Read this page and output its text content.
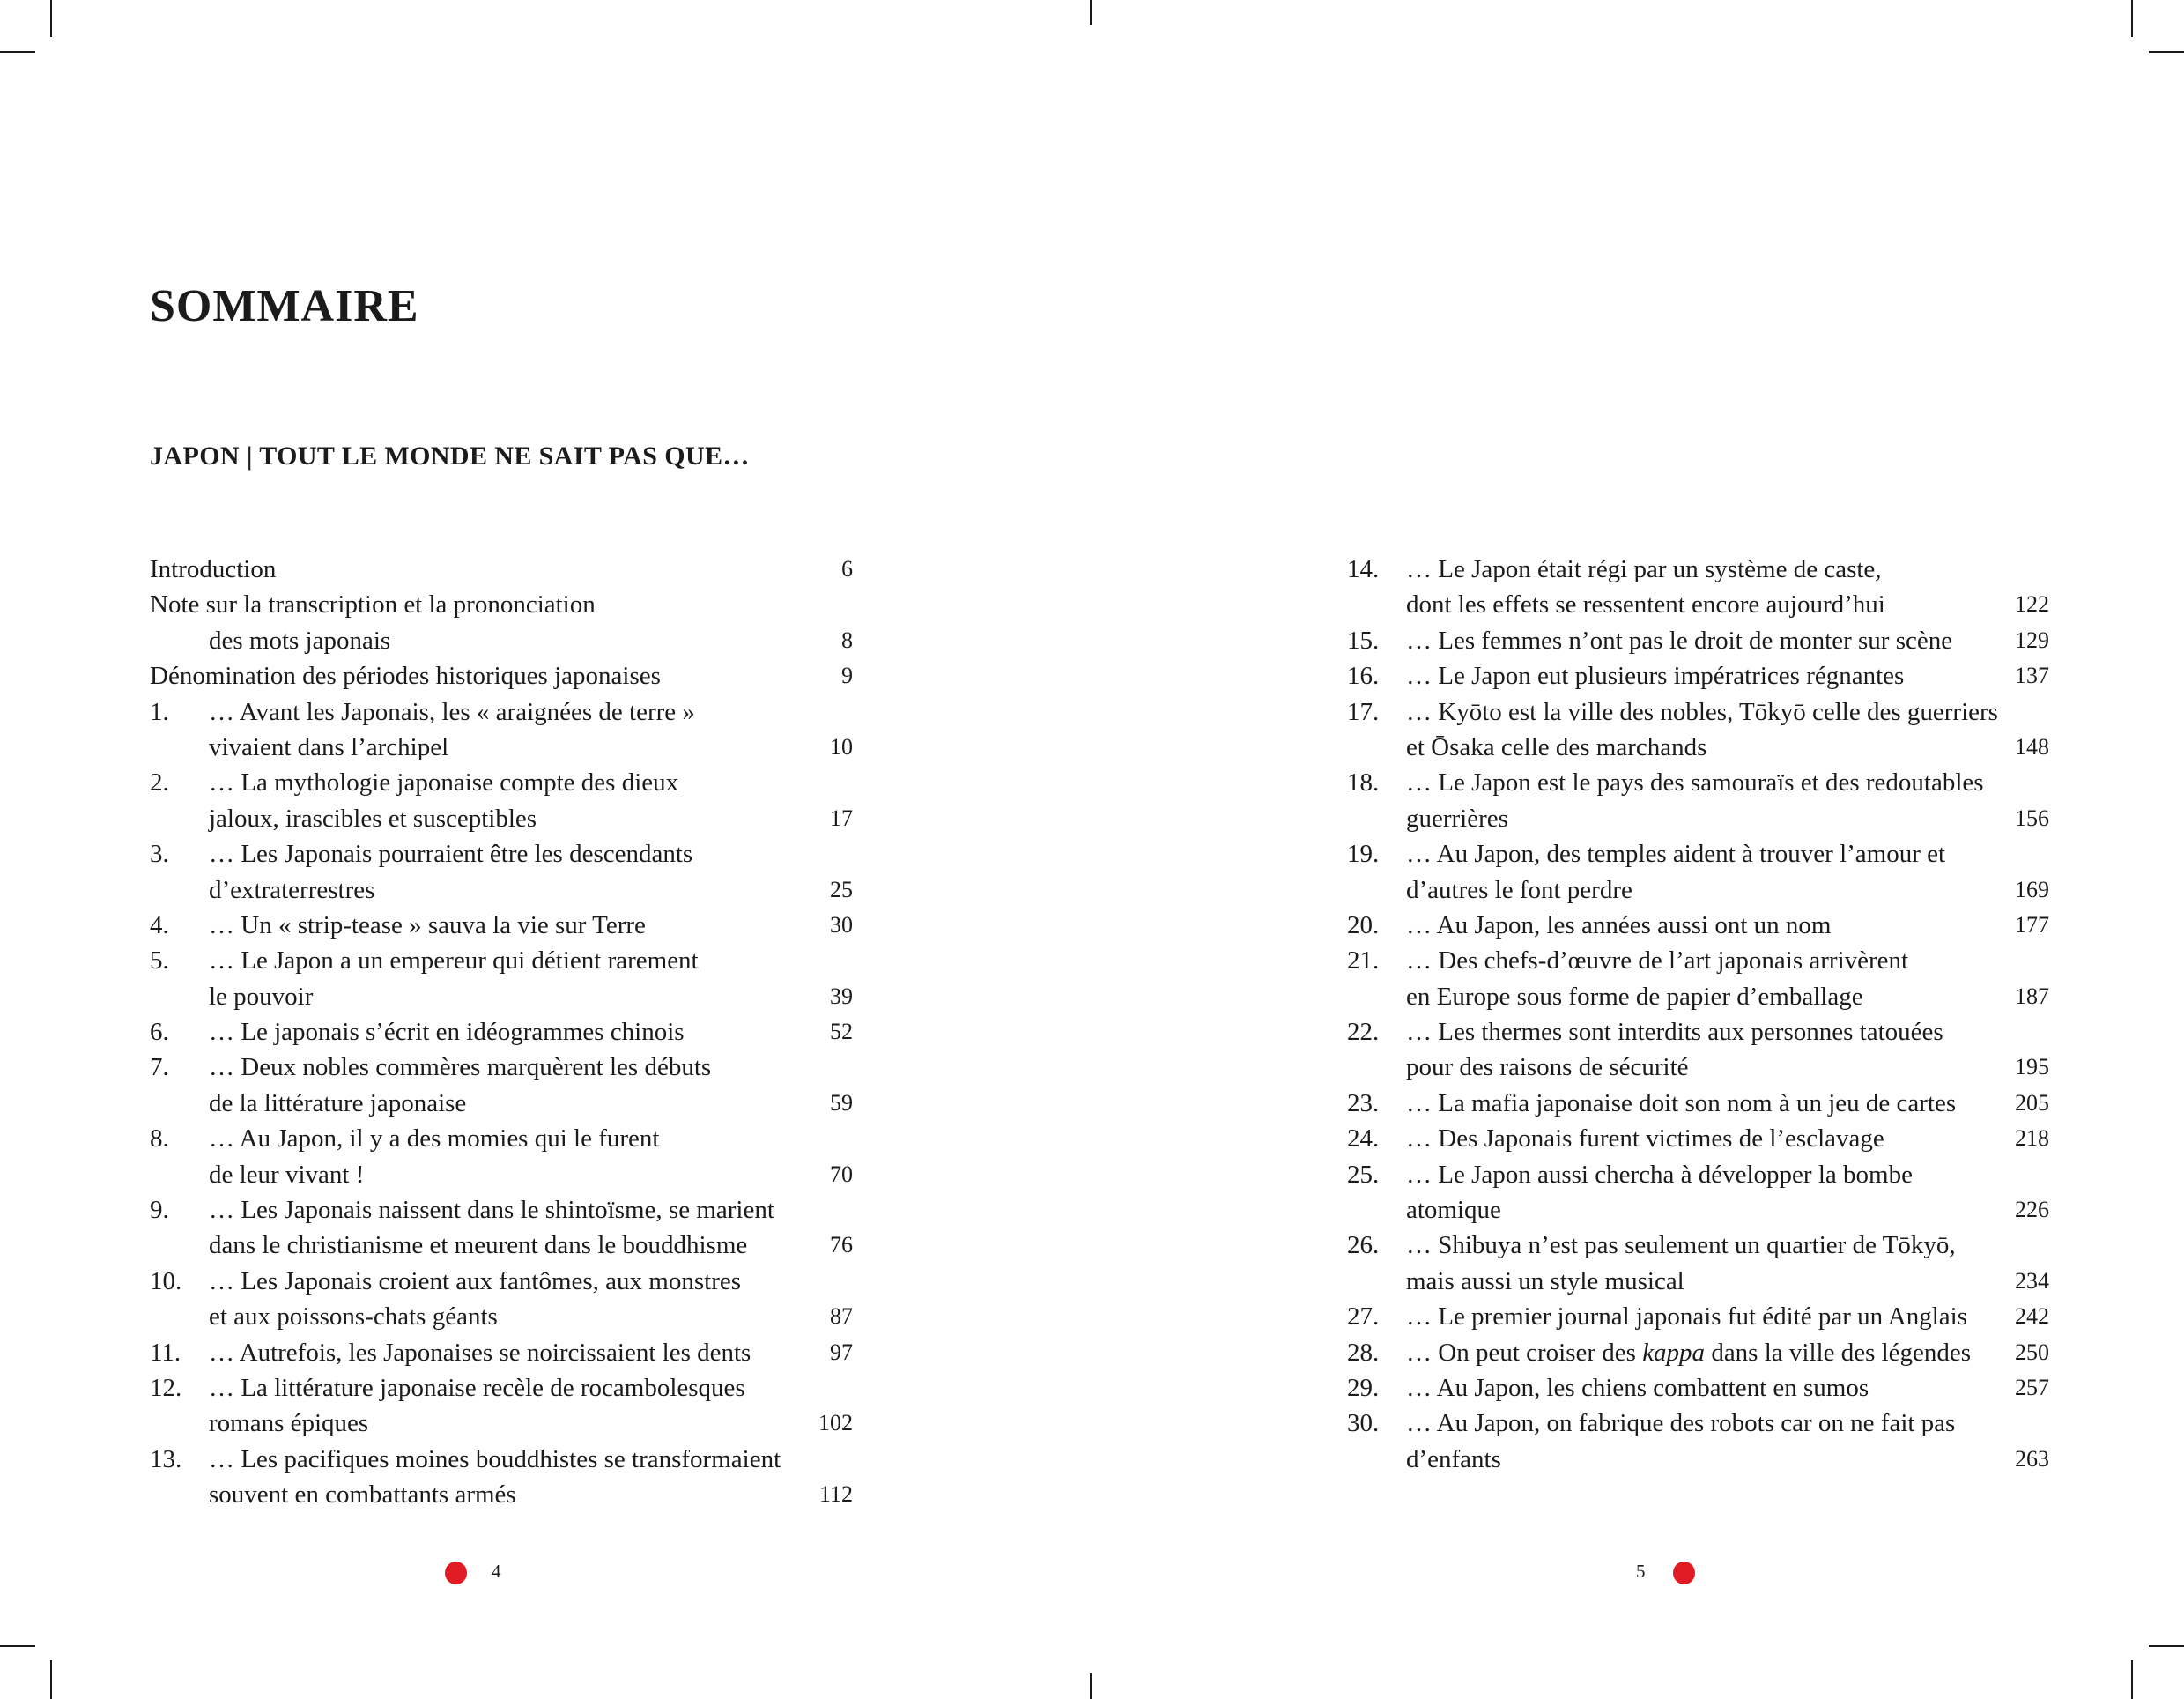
SOMMAIRE
JAPON | TOUT LE MONDE NE SAIT PAS QUE…
Introduction	6
Note sur la transcription et la prononciation
des mots japonais	8
Dénomination des périodes historiques japonaises	9
1.	… Avant les Japonais, les « araignées de terre »
vivaient dans l’archipel	10
2.	… La mythologie japonaise compte des dieux
jaloux, irascibles et susceptibles	17
3.	… Les Japonais pourraient être les descendants
d’extraterrestres	25
4.	… Un « strip-tease » sauva la vie sur Terre	30
5.	… Le Japon a un empereur qui détient rarement
le pouvoir	39
6.	… Le japonais s’écrit en idéogrammes chinois	52
7.	… Deux nobles commères marquèrent les débuts
de la littérature japonaise	59
8.	… Au Japon, il y a des momies qui le furent
de leur vivant !	70
9.	… Les Japonais naissent dans le shintoïsme, se marient
dans le christianisme et meurent dans le bouddhisme	76
10.	… Les Japonais croient aux fantômes, aux monstres
et aux poissons-chats géants	87
11.	… Autrefois, les Japonaises se noircissaient les dents	97
12.	… La littérature japonaise recèle de rocambolesques
romans épiques	102
13.	… Les pacifiques moines bouddhistes se transformaient
souvent en combattants armés	112
4
14.	… Le Japon était régi par un système de caste,
dont les effets se ressentent encore aujourd’hui	122
15.	… Les femmes n’ont pas le droit de monter sur scène	129
16.	… Le Japon eut plusieurs impératrices régnantes	137
17.	… Kyōto est la ville des nobles, Tōkyō celle des guerriers
et Ōsaka celle des marchands	148
18.	… Le Japon est le pays des samouraïs et des redoutables
guerrières	156
19.	… Au Japon, des temples aident à trouver l’amour et
d’autres le font perdre	169
20.	… Au Japon, les années aussi ont un nom	177
21.	… Des chefs-d’œuvre de l’art japonais arrivèrent
en Europe sous forme de papier d’emballage	187
22.	… Les thermes sont interdits aux personnes tatouées
pour des raisons de sécurité	195
23.	… La mafia japonaise doit son nom à un jeu de cartes	205
24.	… Des Japonais furent victimes de l’esclavage	218
25.	… Le Japon aussi chercha à développer la bombe
atomique	226
26.	… Shibuya n’est pas seulement un quartier de Tōkyō,
mais aussi un style musical	234
27.	… Le premier journal japonais fut édité par un Anglais	242
28.	… On peut croiser des kappa dans la ville des légendes	250
29.	… Au Japon, les chiens combattent en sumos	257
30.	… Au Japon, on fabrique des robots car on ne fait pas
d’enfants	263
5
